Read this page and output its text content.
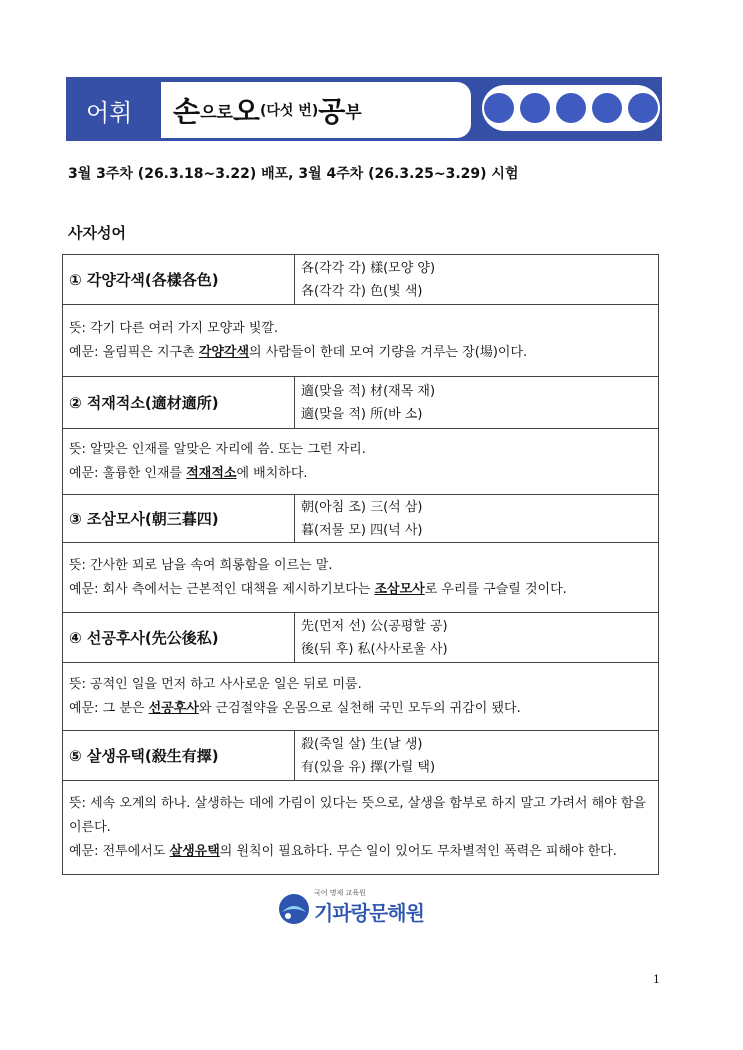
어휘 손 으로 오 (다섯 번) 공 부
3월 3주차 (26.3.18~3.22) 배포, 3월 4주차 (26.3.25~3.29) 시험
사자성어
① 각양각색(各樣各色)	各(각각 각) 樣(모양 양)
各(각각 각) 色(빛 색)

뜻: 각기 다른 여러 가지 모양과 빛깔.
예문: 올림픽은 지구촌 각양각색의 사람들이 한데 모여 기량을 겨루는 장(場)이다.	

② 적재적소(適材適所)	適(맞을 적) 材(재목 재)
適(맞을 적) 所(바 소)

뜻: 알맞은 인재를 알맞은 자리에 씀. 또는 그런 자리.
예문: 훌륭한 인재를 적재적소에 배치하다.	

③ 조삼모사(朝三暮四)	朝(아침 조) 三(석 삼)
暮(저물 모) 四(넉 사)

뜻: 간사한 꾀로 남을 속여 희롱함을 이르는 말.
예문: 회사 측에서는 근본적인 대책을 제시하기보다는 조삼모사로 우리를 구슬릴 것이다.	

④ 선공후사(先公後私)	先(먼저 선) 公(공평할 공)
後(뒤 후) 私(사사로울 사)

뜻: 공적인 일을 먼저 하고 사사로운 일은 뒤로 미룸.
예문: 그 분은 선공후사와 근검절약을 온몸으로 실천해 국민 모두의 귀감이 됐다.	

⑤ 살생유택(殺生有擇)	殺(죽일 살) 生(날 생)
有(있을 유) 擇(가릴 택)

뜻: 세속 오계의 하나. 살생하는 데에 가림이 있다는 뜻으로, 살생을 함부로 하지 말고 가려서 해야 함을 이른다.
예문: 전투에서도 살생유택의 원칙이 필요하다. 무슨 일이 있어도 무차별적인 폭력은 피해야 한다.	
국어 명제 교육원
기파랑문해원
1
